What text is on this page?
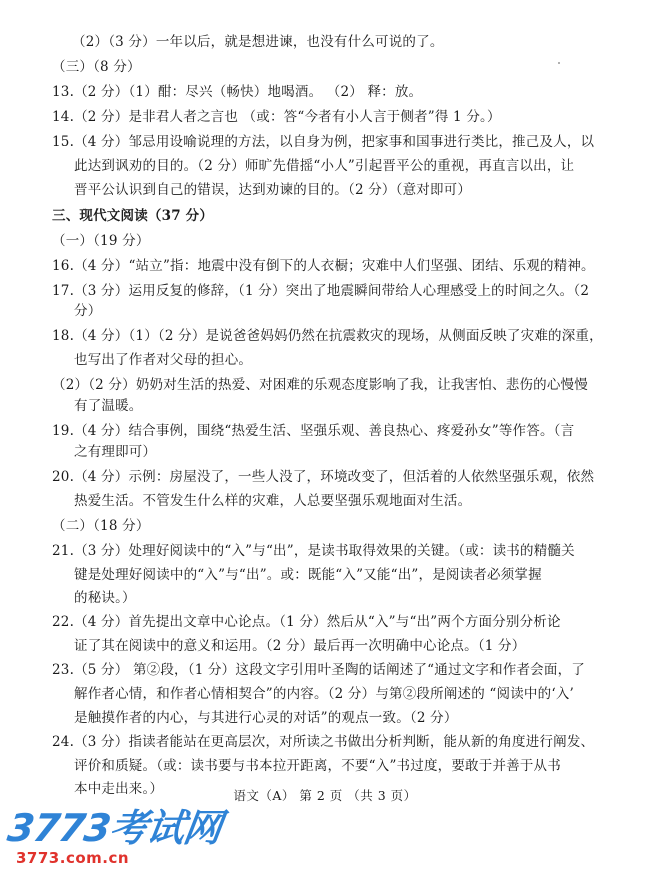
（2）（3 分）一年以后，就是想进谏，也没有什么可说的了。
（三）（8 分）
13.（2 分）（1）酣：尽兴（畅快）地喝酒。 （2） 释：放。
14.（2 分）是非君人者之言也 （或：答“今者有小人言于侧者”得 1 分。）
15.（4 分）邹忌用设喻说理的方法，以自身为例，把家事和国事进行类比，推己及人，以
此达到讽劝的目的。（2 分）师旷先借摇“小人”引起晋平公的重视，再直言以出，让
晋平公认识到自己的错误，达到劝谏的目的。（2 分）（意对即可）
三、现代文阅读（37 分）
（一）（19 分）
16.（4 分）“站立”指：地震中没有倒下的人衣橱；灾难中人们坚强、团结、乐观的精神。
17.（3 分）运用反复的修辞，（1 分）突出了地震瞬间带给人心理感受上的时间之久。（2
分）
18.（4 分）（1）（2 分）是说爸爸妈妈仍然在抗震救灾的现场，从侧面反映了灾难的深重，
也写出了作者对父母的担心。
（2）（2 分）奶奶对生活的热爱、对困难的乐观态度影响了我，让我害怕、悲伤的心慢慢
有了温暖。
19.（4 分）结合事例，围绕“热爱生活、坚强乐观、善良热心、疼爱孙女”等作答。（言
之有理即可）
20.（4 分）示例：房屋没了，一些人没了，环境改变了，但活着的人依然坚强乐观，依然
热爱生活。不管发生什么样的灾难，人总要坚强乐观地面对生活。
（二）（18 分）
21.（3 分）处理好阅读中的“入”与“出”，是读书取得效果的关键。（或：读书的精髓关
键是处理好阅读中的“入”与“出”。或：既能“入”又能“出”，是阅读者必须掌握
的秘诀。）
22.（4 分）首先提出文章中心论点。（1 分）然后从“入”与“出”两个方面分别分析论
证了其在阅读中的意义和运用。（2 分）最后再一次明确中心论点。（1 分）
23.（5 分） 第②段，（1 分）这段文字引用叶圣陶的话阐述了“通过文字和作者会面，了
解作者心情，和作者心情相契合”的内容。（2 分）与第②段所阐述的 “阅读中的‘入’
是触摸作者的内心，与其进行心灵的对话”的观点一致。（2 分）
24.（3 分）指读者能站在更高层次，对所读之书做出分析判断，能从新的角度进行阐发、
评价和质疑。（或：读书要与书本拉开距离，不要“入”书过度，要敢于并善于从书
本中走出来。）	语文（A） 第 2 页 （共 3 页）
3773考试网
3773.com.cn
